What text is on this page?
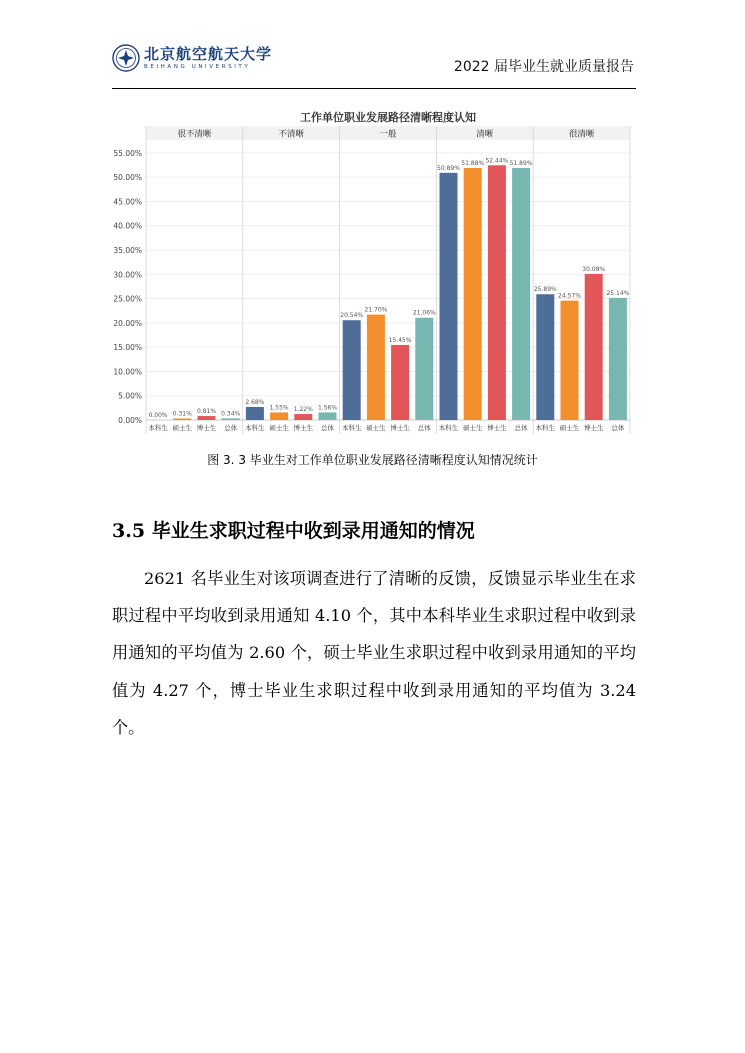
北京航空航天大学
BEIHANG UNIVERSITY	2022 届毕业生就业质量报告
工作单位职业发展路径清晰程度认知
很不清晰	不清晰	一般	清晰	很清晰
0.00%
5.00%
10.00%
15.00%
20.00%
25.00%
30.00%
35.00%
40.00%
45.00%
50.00%
55.00%
0.00%
本科生
0.31%
硕士生
0.81%
博士生
0.34%
总体
2.68%
本科生
1.55%
硕士生
1.22%
博士生
1.56%
总体
20.54%
本科生
21.70%
硕士生
15.45%
博士生
21.06%
总体
50.89%
本科生
51.88%
硕士生
52.44%
博士生
51.89%
总体
25.89%
本科生
24.57%
硕士生
30.08%
博士生
25.14%
总体
图 3. 3 毕业生对工作单位职业发展路径清晰程度认知情况统计
3.5 毕业生求职过程中收到录用通知的情况

2621 名毕业生对该项调查进行了清晰的反馈，反馈显示毕业生在求职过程中平均收到录用通知 4.10 个，其中本科毕业生求职过程中收到录用通知的平均值为 2.60 个，硕士毕业生求职过程中收到录用通知的平均值为 4.27 个，博士毕业生求职过程中收到录用通知的平均值为 3.24 个。
